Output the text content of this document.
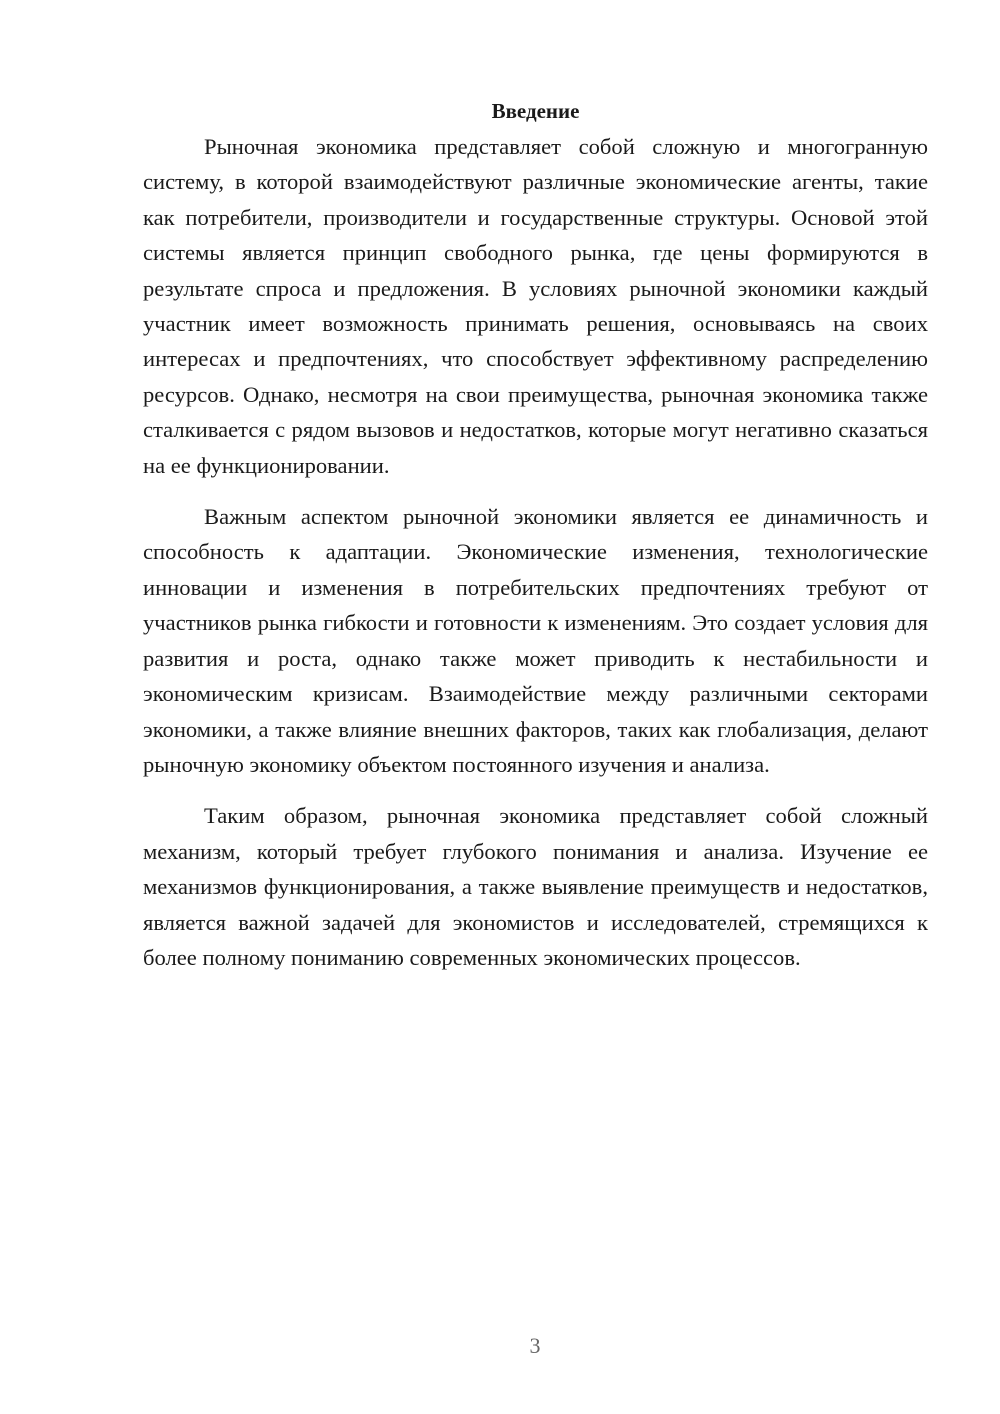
Введение

Рыночная экономика представляет собой сложную и многогранную систему, в которой взаимодействуют различные экономические агенты, такие как потребители, производители и государственные структуры. Основой этой системы является принцип свободного рынка, где цены формируются в результате спроса и предложения. В условиях рыночной экономики каждый участник имеет возможность принимать решения, основываясь на своих интересах и предпочтениях, что способствует эффективному распределению ресурсов. Однако, несмотря на свои преимущества, рыночная экономика также сталкивается с рядом вызовов и недостатков, которые могут негативно сказаться на ее функционировании.

Важным аспектом рыночной экономики является ее динамичность и способность к адаптации. Экономические изменения, технологические инновации и изменения в потребительских предпочтениях требуют от участников рынка гибкости и готовности к изменениям. Это создает условия для развития и роста, однако также может приводить к нестабильности и экономическим кризисам. Взаимодействие между различными секторами экономики, а также влияние внешних факторов, таких как глобализация, делают рыночную экономику объектом постоянного изучения и анализа.

Таким образом, рыночная экономика представляет собой сложный механизм, который требует глубокого понимания и анализа. Изучение ее механизмов функционирования, а также выявление преимуществ и недостатков, является важной задачей для экономистов и исследователей, стремящихся к более полному пониманию современных экономических процессов.

3
